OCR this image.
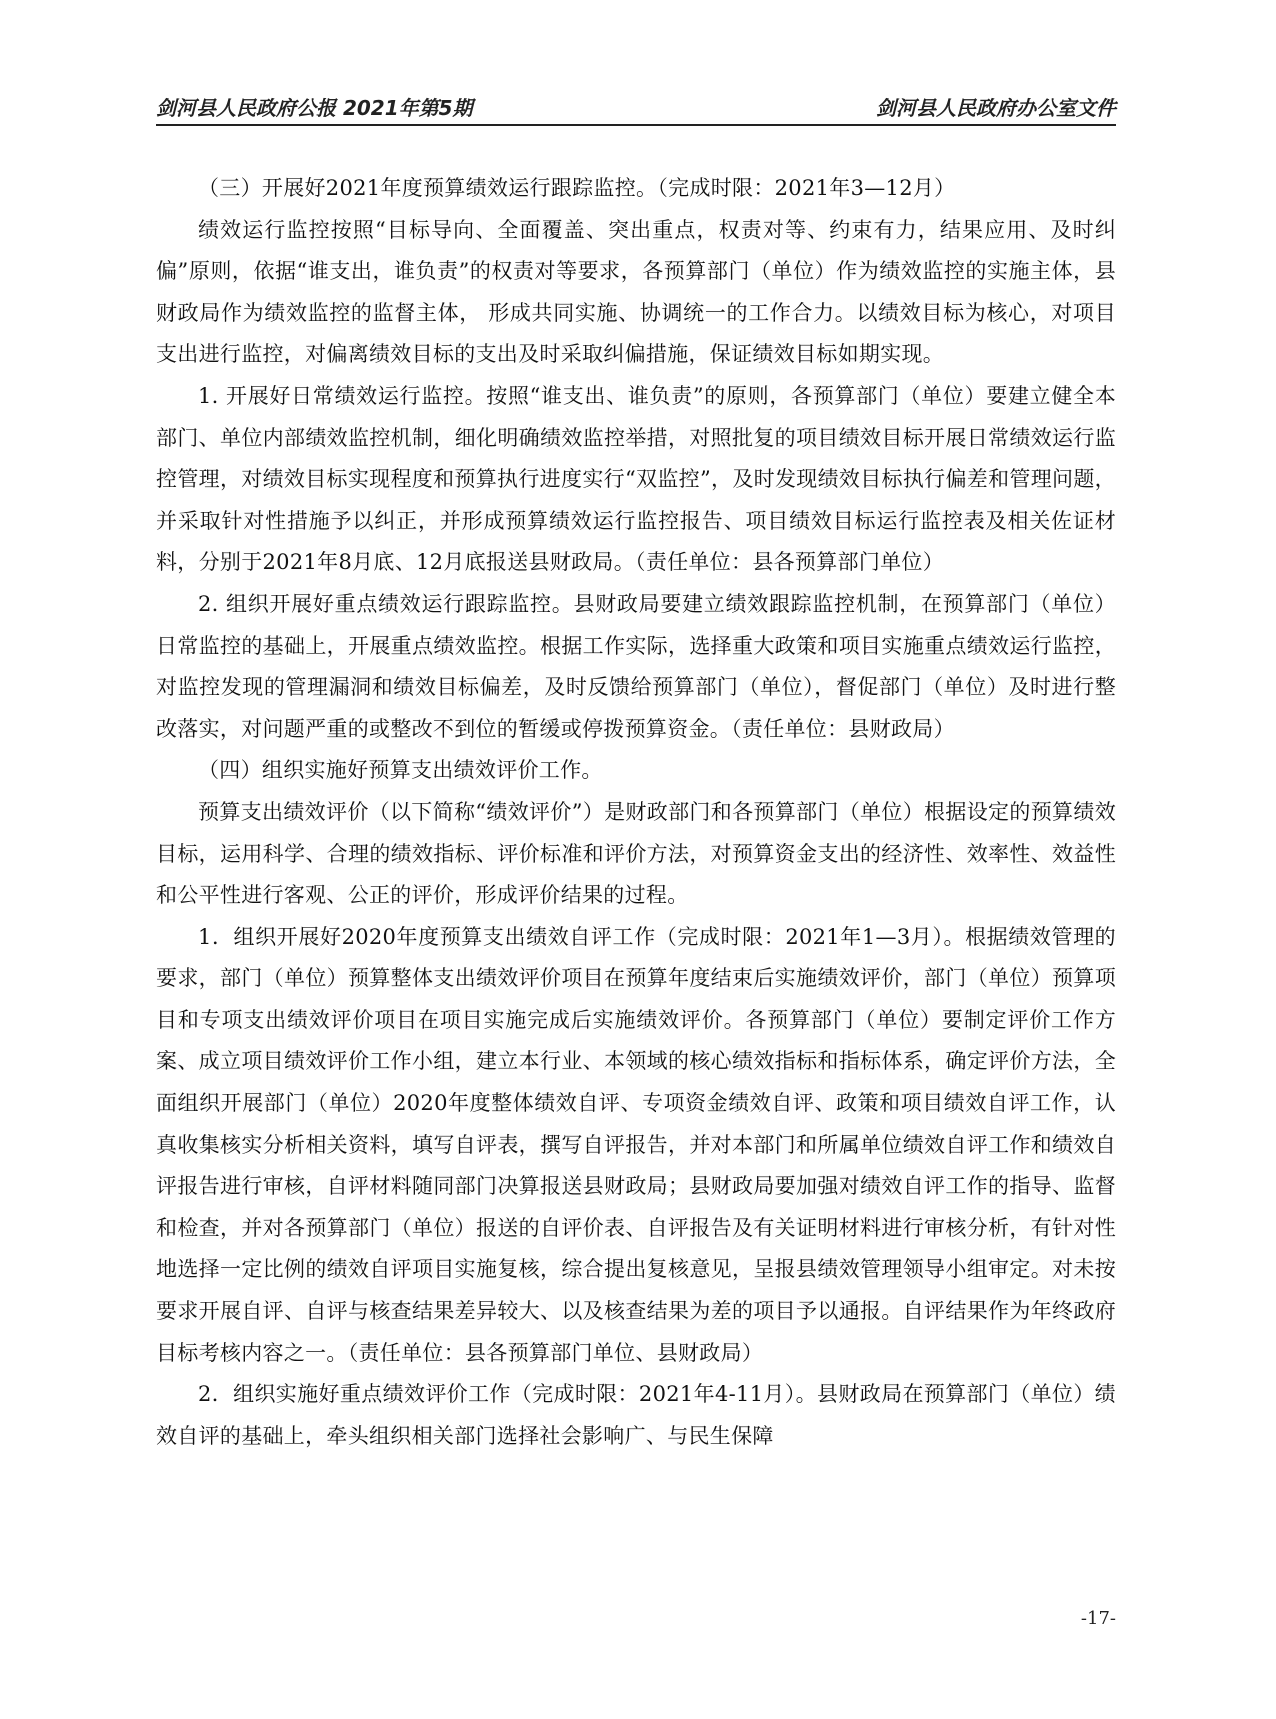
剑河县人民政府公报 2021年第5期	剑河县人民政府办公室文件

（三）开展好2021年度预算绩效运行跟踪监控。（完成时限：2021年3—12月）

绩效运行监控按照“目标导向、全面覆盖、突出重点，权责对等、约束有力，结果应用、及时纠偏”原则，依据“谁支出，谁负责”的权责对等要求，各预算部门（单位）作为绩效监控的实施主体，县财政局作为绩效监控的监督主体， 形成共同实施、协调统一的工作合力。以绩效目标为核心，对项目支出进行监控，对偏离绩效目标的支出及时采取纠偏措施，保证绩效目标如期实现。

1. 开展好日常绩效运行监控。按照“谁支出、谁负责”的原则，各预算部门（单位）要建立健全本部门、单位内部绩效监控机制，细化明确绩效监控举措，对照批复的项目绩效目标开展日常绩效运行监控管理，对绩效目标实现程度和预算执行进度实行“双监控”，及时发现绩效目标执行偏差和管理问题，并采取针对性措施予以纠正，并形成预算绩效运行监控报告、项目绩效目标运行监控表及相关佐证材料，分别于2021年8月底、12月底报送县财政局。（责任单位：县各预算部门单位）

2. 组织开展好重点绩效运行跟踪监控。县财政局要建立绩效跟踪监控机制，在预算部门（单位）日常监控的基础上，开展重点绩效监控。根据工作实际，选择重大政策和项目实施重点绩效运行监控，对监控发现的管理漏洞和绩效目标偏差，及时反馈给预算部门（单位），督促部门（单位）及时进行整改落实，对问题严重的或整改不到位的暂缓或停拨预算资金。（责任单位：县财政局）

（四）组织实施好预算支出绩效评价工作。

预算支出绩效评价（以下简称“绩效评价”）是财政部门和各预算部门（单位）根据设定的预算绩效目标，运用科学、合理的绩效指标、评价标准和评价方法，对预算资金支出的经济性、效率性、效益性和公平性进行客观、公正的评价，形成评价结果的过程。

1．组织开展好2020年度预算支出绩效自评工作（完成时限：2021年1—3月）。根据绩效管理的要求，部门（单位）预算整体支出绩效评价项目在预算年度结束后实施绩效评价，部门（单位）预算项目和专项支出绩效评价项目在项目实施完成后实施绩效评价。各预算部门（单位）要制定评价工作方案、成立项目绩效评价工作小组，建立本行业、本领域的核心绩效指标和指标体系，确定评价方法，全面组织开展部门（单位）2020年度整体绩效自评、专项资金绩效自评、政策和项目绩效自评工作，认真收集核实分析相关资料，填写自评表，撰写自评报告，并对本部门和所属单位绩效自评工作和绩效自评报告进行审核，自评材料随同部门决算报送县财政局；县财政局要加强对绩效自评工作的指导、监督和检查，并对各预算部门（单位）报送的自评价表、自评报告及有关证明材料进行审核分析，有针对性地选择一定比例的绩效自评项目实施复核，综合提出复核意见，呈报县绩效管理领导小组审定。对未按要求开展自评、自评与核查结果差异较大、以及核查结果为差的项目予以通报。自评结果作为年终政府目标考核内容之一。（责任单位：县各预算部门单位、县财政局）

2．组织实施好重点绩效评价工作（完成时限：2021年4-11月）。县财政局在预算部门（单位）绩效自评的基础上，牵头组织相关部门选择社会影响广、与民生保障

-17-
